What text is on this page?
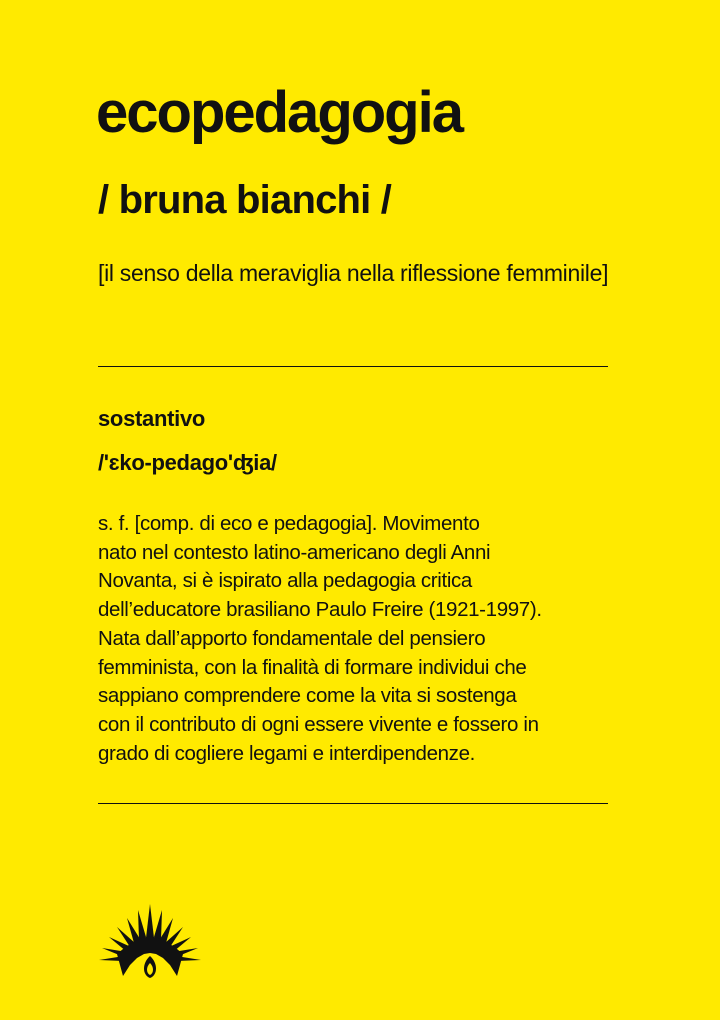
ecopedagogia
/ bruna bianchi /
[il senso della meraviglia nella riflessione femminile]
sostantivo
/'ɛko-pedago'ʤia/
s. f. [comp. di eco e pedagogia]. Movimento
nato nel contesto latino-americano degli Anni
Novanta, si è ispirato alla pedagogia critica
dell’educatore brasiliano Paulo Freire (1921-1997).
Nata dall’apporto fondamentale del pensiero
femminista, con la finalità di formare individui che
sappiano comprendere come la vita si sostenga
con il contributo di ogni essere vivente e fossero in
grado di cogliere legami e interdipendenze.
